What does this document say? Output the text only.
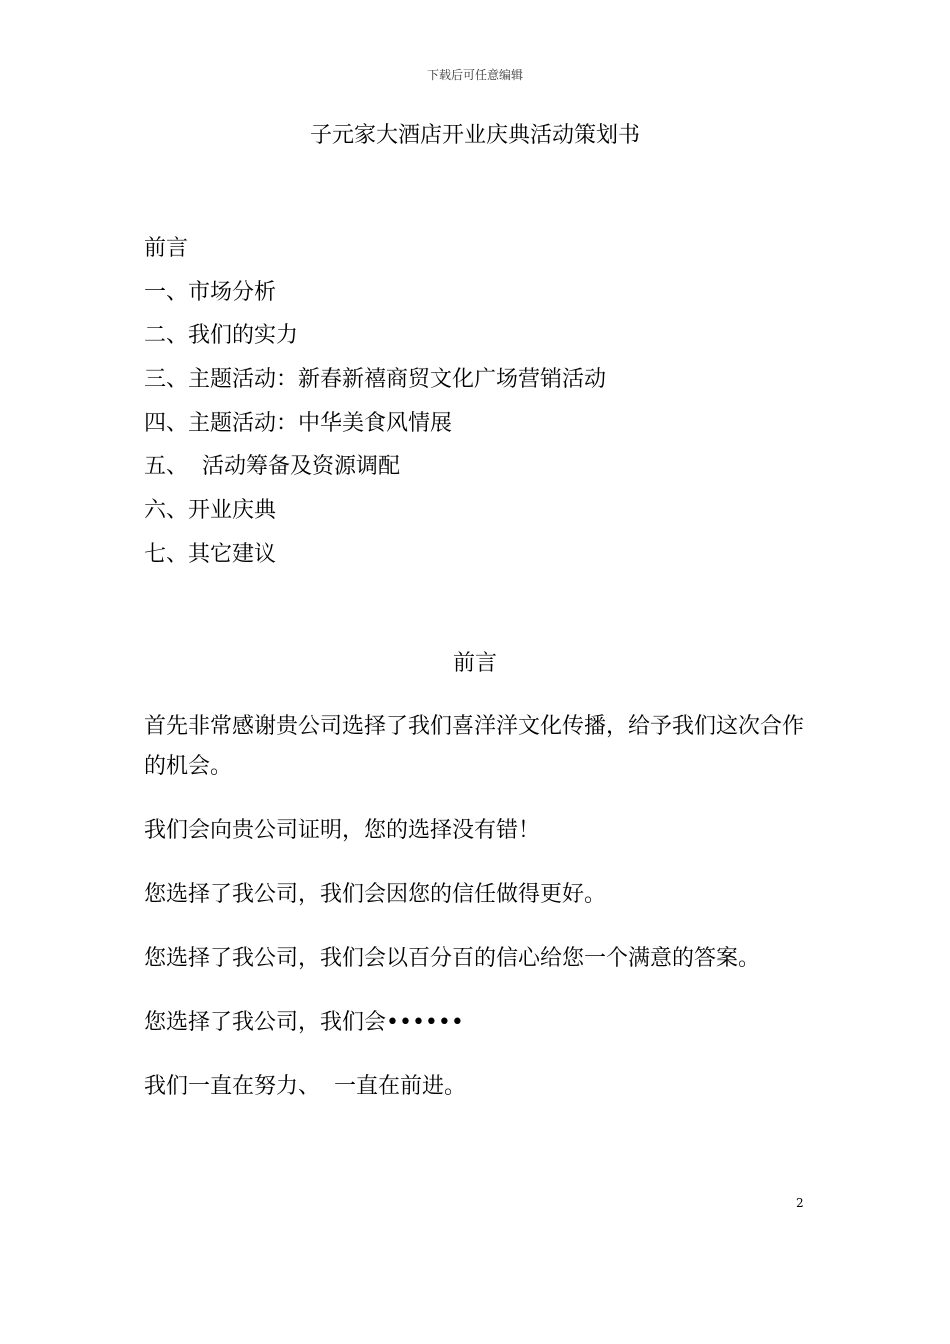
下载后可任意编辑
子元家大酒店开业庆典活动策划书
前言
一、市场分析
二、我们的实力
三、主题活动：新春新禧商贸文化广场营销活动
四、主题活动：中华美食风情展
五、  活动筹备及资源调配
六、开业庆典
七、其它建议
前言

首先非常感谢贵公司选择了我们喜洋洋文化传播，给予我们这次合作的机会。

我们会向贵公司证明，您的选择没有错！

您选择了我公司，我们会因您的信任做得更好。

您选择了我公司，我们会以百分百的信心给您一个满意的答案。

您选择了我公司，我们会••••••

我们一直在努力、  一直在前进。

2
